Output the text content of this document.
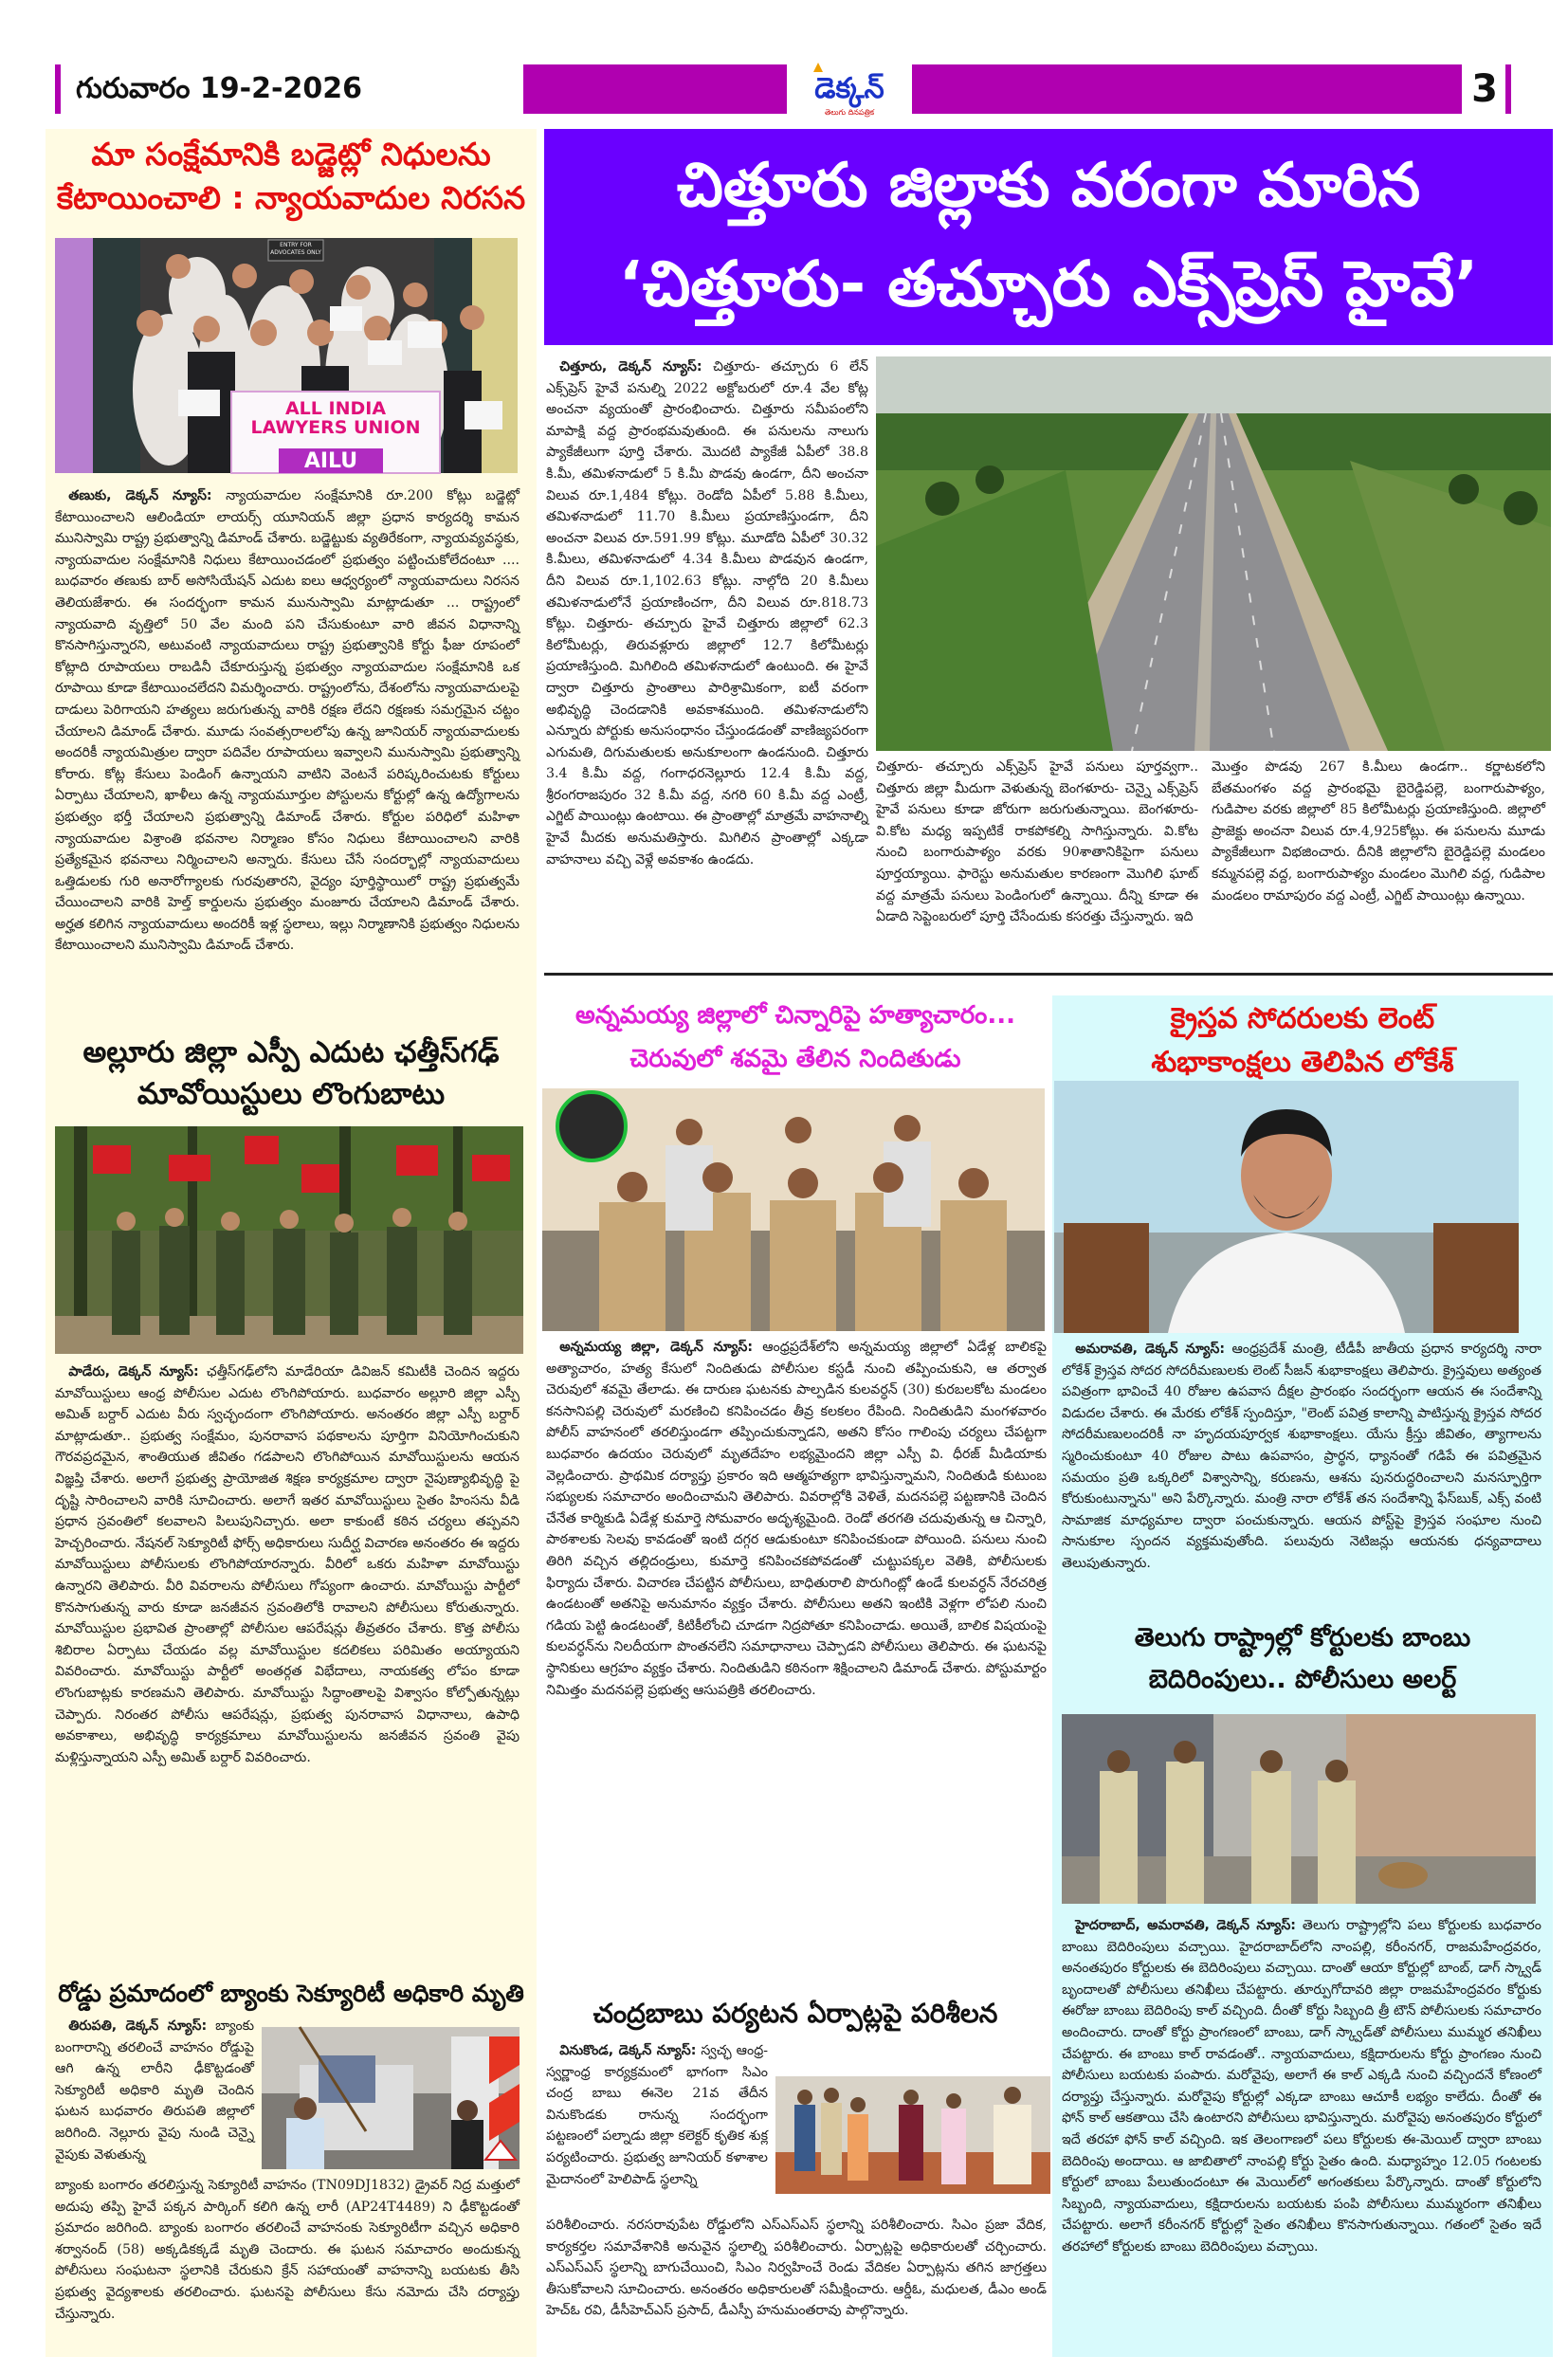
గురువారం 19-2-2026	డెక్కన్
తెలుగు దినపత్రిక
3
మా సంక్షేమానికి బడ్జెట్లో నిధులను
కేటాయించాలి : న్యాయవాదుల నిరసన
ENTRY FOR ADVOCATES ONLY
ALL INDIA
LAWYERS UNION
AILU
 తణుకు, డెక్కన్ న్యూస్: న్యాయవాదుల సంక్షేమానికి రూ.200 కోట్లు బడ్జెట్లో కేటాయించాలని ఆలిండియా లాయర్స్ యూనియన్ జిల్లా ప్రధాన కార్యదర్శి కామన మునిస్వామి రాష్ట్ర ప్రభుత్వాన్ని డిమాండ్ చేశారు. బడ్జెట్టుకు వ్యతిరేకంగా, న్యాయవ్యవస్థకు, న్యాయవాదుల సంక్షేమానికి నిధులు కేటాయించడంలో ప్రభుత్వం పట్టించుకోలేదంటూ .... బుధవారం తణుకు బార్ అసోసియేషన్ ఎదుట ఐలు ఆధ్వర్యంలో న్యాయవాదులు నిరసన తెలియజేశారు. ఈ సందర్భంగా కామన మునుస్వామి మాట్లాడుతూ ... రాష్ట్రంలో న్యాయవాది వృత్తిలో 50 వేల మంది పని చేసుకుంటూ వారి జీవన విధానాన్ని కొనసాగిస్తున్నారని, అటువంటి న్యాయవాదులు రాష్ట్ర ప్రభుత్వానికి కోర్టు ఫీజు రూపంలో కోట్లాది రూపాయలు రాబడినీ చేకూరుస్తున్న ప్రభుత్వం న్యాయవాదుల సంక్షేమానికి ఒక రూపాయి కూడా కేటాయించలేదని విమర్శించారు. రాష్ట్రంలోను, దేశంలోను న్యాయవాదులపై దాడులు పెరిగాయని హత్యలు జరుగుతున్న వారికి రక్షణ లేదని రక్షణకు సమగ్రమైన చట్టం చేయాలని డిమాండ్ చేశారు. మూడు సంవత్సరాలలోపు ఉన్న జూనియర్ న్యాయవాదులకు అందరికీ న్యాయమిత్రుల ద్వారా పదివేల రూపాయలు ఇవ్వాలని మునుస్వామి ప్రభుత్వాన్ని కోరారు. కోట్ల కేసులు పెండింగ్ ఉన్నాయని వాటిని వెంటనే పరిష్కరించుటకు కోర్టులు ఏర్పాటు చేయాలని, ఖాళీలు ఉన్న న్యాయమూర్తుల పోస్టులను కోర్టుల్లో ఉన్న ఉద్యోగాలను ప్రభుత్వం భర్తీ చేయాలని ప్రభుత్వాన్ని డిమాండ్ చేశారు. కోర్టుల పరిధిలో మహిళా న్యాయవాదుల విశ్రాంతి భవనాల నిర్మాణం కోసం నిధులు కేటాయించాలని వారికి ప్రత్యేకమైన భవనాలు నిర్మించాలని అన్నారు. కేసులు చేసే సందర్భాల్లో న్యాయవాదులు ఒత్తిడులకు గురి అనారోగ్యాలకు గురవుతారని, వైద్యం పూర్తిస్థాయిలో రాష్ట్ర ప్రభుత్వమే చేయించాలని వారికి హెల్త్ కార్డులను ప్రభుత్వం మంజూరు చేయాలని డిమాండ్ చేశారు. అర్హత కలిగిన న్యాయవాదులు అందరికీ ఇళ్ల స్థలాలు, ఇల్లు నిర్మాణానికి ప్రభుత్వం నిధులను కేటాయించాలని మునిస్వామి డిమాండ్ చేశారు.
అల్లూరు జిల్లా ఎస్పీ ఎదుట ఛత్తీస్‌గఢ్
మావోయిస్టులు లొంగుబాటు
 పాడేరు, డెక్కన్ న్యూస్: ఛత్తీస్‌గఢ్‌లోని మాడేరియా డివిజన్ కమిటీకి చెందిన ఇద్దరు మావోయిస్టులు ఆంధ్ర పోలీసుల ఎదుట లొంగిపోయారు. బుధవారం అల్లూరి జిల్లా ఎస్పీ అమిత్ బర్దార్ ఎదుట వీరు స్వచ్ఛందంగా లొంగిపోయారు. అనంతరం జిల్లా ఎస్పీ బర్దార్ మాట్లాడుతూ.. ప్రభుత్వ సంక్షేమం, పునరావాస పథకాలను పూర్తిగా వినియోగించుకుని గౌరవప్రదమైన, శాంతియుత జీవితం గడపాలని లొంగిపోయిన మావోయిస్టులను ఆయన విజ్ఞప్తి చేశారు. అలాగే ప్రభుత్వ ప్రాయోజిత శిక్షణ కార్యక్రమాల ద్వారా నైపుణ్యాభివృద్ధి పై దృష్టి సారించాలని వారికి సూచించారు. అలాగే ఇతర మావోయిస్టులు సైతం హింసను వీడి ప్రధాన స్రవంతిలో కలవాలని పిలుపునిచ్చారు. అలా కాకుంటే కఠిన చర్యలు తప్పవని హెచ్చరించారు. నేషనల్ సెక్యూరిటీ ఫోర్స్ అధికారులు సుదీర్ఘ విచారణ అనంతరం ఈ ఇద్దరు మావోయిస్టులు పోలీసులకు లొంగిపోయారన్నారు. వీరిలో ఒకరు మహిళా మావోయిస్టు ఉన్నారని తెలిపారు. వీరి వివరాలను పోలీసులు గోప్యంగా ఉంచారు. మావోయిస్టు పార్టీలో కొనసాగుతున్న వారు కూడా జనజీవన స్రవంతిలోకి రావాలని పోలీసులు కోరుతున్నారు. మావోయిస్టుల ప్రభావిత ప్రాంతాల్లో పోలీసుల ఆపరేషన్లు తీవ్రతరం చేశారు. కొత్త పోలీసు శిబిరాల ఏర్పాటు చేయడం వల్ల మావోయిస్టుల కదలికలు పరిమితం అయ్యాయని వివరించారు. మావోయిస్టు పార్టీలో అంతర్గత విభేదాలు, నాయకత్వ లోపం కూడా లొంగుబాట్లకు కారణమని తెలిపారు. మావోయిస్టు సిద్ధాంతాలపై విశ్వాసం కోల్పోతున్నట్లు చెప్పారు. నిరంతర పోలీసు ఆపరేషన్లు, ప్రభుత్వ పునరావాస విధానాలు, ఉపాధి అవకాశాలు, అభివృద్ధి కార్యక్రమాలు మావోయిస్టులను జనజీవన స్రవంతి వైపు మళ్లిస్తున్నాయని ఎస్పీ అమిత్ బర్దార్ వివరించారు.
రోడ్డు ప్రమాదంలో బ్యాంకు సెక్యూరిటీ అధికారి మృతి
 తిరుపతి, డెక్కన్ న్యూస్: బ్యాంకు బంగారాన్ని తరలించే వాహనం రోడ్డుపై ఆగి ఉన్న లారీని ఢీకొట్టడంతో సెక్యూరిటీ అధికారి మృతి చెందిన ఘటన బుధవారం తిరుపతి జిల్లాలో జరిగింది. నెల్లూరు వైపు నుండి చెన్నై వైపుకు వెళుతున్న
బ్యాంకు బంగారం తరలిస్తున్న సెక్యూరిటీ వాహనం (TN09DJ1832) డ్రైవర్ నిద్ర మత్తులో అదుపు తప్పి హైవే పక్కన పార్కింగ్ కలిగి ఉన్న లారీ (AP24T4489) ని ఢీకొట్టడంతో ప్రమాదం జరిగింది. బ్యాంకు బంగారం తరలించే వాహనంకు సెక్యూరిటీగా వచ్చిన అధికారి శర్వానంద్ (58) అక్కడికక్కడే మృతి చెందారు. ఈ ఘటన సమాచారం అందుకున్న పోలీసులు సంఘటనా స్థలానికి చేరుకుని క్రేన్ సహాయంతో వాహనాన్ని బయటకు తీసి ప్రభుత్వ వైద్యశాలకు తరలించారు. ఘటనపై పోలీసులు కేసు నమోదు చేసి దర్యాప్తు చేస్తున్నారు.
చిత్తూరు జిల్లాకు వరంగా మారిన
‘చిత్తూరు- తచ్చూరు ఎక్స్‌ప్రెస్ హైవే’
 చిత్తూరు, డెక్కన్ న్యూస్: చిత్తూరు- తచ్చూరు 6 లేన్ ఎక్స్‌ప్రెస్ హైవే పనుల్ని 2022 అక్టోబరులో రూ.4 వేల కోట్ల అంచనా వ్యయంతో ప్రారంభించారు. చిత్తూరు సమీపంలోని మాపాక్షి వద్ద ప్రారంభమవుతుంది. ఈ పనులను నాలుగు ప్యాకేజీలుగా పూర్తి చేశారు. మొదటి ప్యాకేజీ ఏపీలో 38.8 కి.మీ, తమిళనాడులో 5 కి.మీ పొడవు ఉండగా, దీని అంచనా విలువ రూ.1,484 కోట్లు. రెండోది ఏపీలో 5.88 కి.మీలు, తమిళనాడులో 11.70 కి.మీలు ప్రయాణిస్తుండగా, దీని అంచనా విలువ రూ.591.99 కోట్లు. మూడోది ఏపీలో 30.32 కి.మీలు, తమిళనాడులో 4.34 కి.మీలు పొడవున ఉండగా, దీని విలువ రూ.1,102.63 కోట్లు. నాల్గోది 20 కి.మీలు తమిళనాడులోనే ప్రయాణించగా, దీని విలువ రూ.818.73 కోట్లు. చిత్తూరు- తచ్చూరు హైవే చిత్తూరు జిల్లాలో 62.3 కిలోమీటర్లు, తిరువళ్లూరు జిల్లాలో 12.7 కిలోమీటర్లు ప్రయాణిస్తుంది. మిగిలింది తమిళనాడులో ఉంటుంది. ఈ హైవే ద్వారా చిత్తూరు ప్రాంతాలు పారిశ్రామికంగా, ఐటీ వరంగా అభివృద్ధి చెందడానికి అవకాశముంది. తమిళనాడులోని ఎన్నూరు పోర్టుకు అనుసంధానం చేస్తుండడంతో వాణిజ్యపరంగా ఎగుమతి, దిగుమతులకు అనుకూలంగా ఉండనుంది. చిత్తూరు 3.4 కి.మీ వద్ద, గంగాధరనెల్లూరు 12.4 కి.మీ వద్ద, శ్రీరంగరాజపురం 32 కి.మీ వద్ద, నగరి 60 కి.మీ వద్ద ఎంట్రీ, ఎగ్జిట్ పాయింట్లు ఉంటాయి. ఈ ప్రాంతాల్లో మాత్రమే వాహనాల్ని హైవే మీదకు అనుమతిస్తారు. మిగిలిన ప్రాంతాల్లో ఎక్కడా వాహనాలు వచ్చి వెళ్లే అవకాశం ఉండదు.
చిత్తూరు- తచ్చూరు ఎక్స్‌ప్రెస్ హైవే పనులు పూర్తవ్వగా.. చిత్తూరు జిల్లా మీదుగా వెళుతున్న బెంగళూరు- చెన్నై ఎక్స్‌ప్రెస్ హైవే పనులు కూడా జోరుగా జరుగుతున్నాయి. బెంగళూరు- వి.కోట మధ్య ఇప్పటికే రాకపోకల్ని సాగిస్తున్నారు. వి.కోట నుంచి బంగారుపాళ్యం వరకు 90శాతానికిపైగా పనులు పూర్తయ్యాయి. ఫారెస్టు అనుమతుల కారణంగా మొగిలి ఘాట్ వద్ద మాత్రమే పనులు పెండింగులో ఉన్నాయి. దీన్ని కూడా ఈ ఏడాది సెప్టెంబరులో పూర్తి చేసేందుకు కసరత్తు చేస్తున్నారు. ఇది
మొత్తం పొడవు 267 కి.మీలు ఉండగా.. కర్ణాటకలోని బేతమంగళం వద్ద ప్రారంభమై బైరెడ్డిపల్లె, బంగారుపాళ్యం, గుడిపాల వరకు జిల్లాలో 85 కిలోమీటర్లు ప్రయాణిస్తుంది. జిల్లాలో ప్రాజెక్టు అంచనా విలువ రూ.4,925కోట్లు. ఈ పనులను మూడు ప్యాకేజీలుగా విభజించారు. దీనికి జిల్లాలోని బైరెడ్డిపల్లె మండలం కమ్మనపల్లె వద్ద, బంగారుపాళ్యం మండలం మొగిలి వద్ద, గుడిపాల మండలం రామాపురం వద్ద ఎంట్రీ, ఎగ్జిట్ పాయింట్లు ఉన్నాయి.
అన్నమయ్య జిల్లాలో చిన్నారిపై హత్యాచారం...
చెరువులో శవమై తేలిన నిందితుడు
 అన్నమయ్య జిల్లా, డెక్కన్ న్యూస్: ఆంధ్రప్రదేశ్‌లోని అన్నమయ్య జిల్లాలో ఏడేళ్ల బాలికపై అత్యాచారం, హత్య కేసులో నిందితుడు పోలీసుల కస్టడీ నుంచి తప్పించుకుని, ఆ తర్వాత చెరువులో శవమై తేలాడు. ఈ దారుణ ఘటనకు పాల్పడిన కులవర్ధన్ (30) కురబలకోట మండలం కనసానిపల్లి చెరువులో మరణించి కనిపించడం తీవ్ర కలకలం రేపింది. నిందితుడిని మంగళవారం పోలీస్ వాహనంలో తరలిస్తుండగా తప్పించుకున్నాడని, అతని కోసం గాలింపు చర్యలు చేపట్టగా బుధవారం ఉదయం చెరువులో మృతదేహం లభ్యమైందని జిల్లా ఎస్పీ వి. ధీరజ్ మీడియాకు వెల్లడించారు. ప్రాథమిక దర్యాప్తు ప్రకారం ఇది ఆత్మహత్యగా భావిస్తున్నామని, నిందితుడి కుటుంబ సభ్యులకు సమాచారం అందించామని తెలిపారు. వివరాల్లోకి వెళితే, మదనపల్లె పట్టణానికి చెందిన చేనేత కార్మికుడి ఏడేళ్ల కుమార్తె సోమవారం అదృశ్యమైంది. రెండో తరగతి చదువుతున్న ఆ చిన్నారి, పాఠశాలకు సెలవు కావడంతో ఇంటి దగ్గర ఆడుకుంటూ కనిపించకుండా పోయింది. పనులు నుంచి తిరిగి వచ్చిన తల్లిదండ్రులు, కుమార్తె కనిపించకపోవడంతో చుట్టుపక్కల వెతికి, పోలీసులకు ఫిర్యాదు చేశారు. విచారణ చేపట్టిన పోలీసులు, బాధితురాలి పొరుగింట్లో ఉండే కులవర్ధన్‌ నేరచరిత్ర ఉండటంతో అతనిపై అనుమానం వ్యక్తం చేశారు. పోలీసులు అతని ఇంటికి వెళ్లగా లోపలి నుంచి గడియ పెట్టి ఉండటంతో, కిటికీలోంచి చూడగా నిద్రపోతూ కనిపించాడు. అయితే, బాలిక విషయంపై కులవర్ధన్‌ను నిలదీయగా పొంతనలేని సమాధానాలు చెప్పాడని పోలీసులు తెలిపారు. ఈ ఘటనపై స్థానికులు ఆగ్రహం వ్యక్తం చేశారు. నిందితుడిని కఠినంగా శిక్షించాలని డిమాండ్ చేశారు. పోస్టుమార్టం నిమిత్తం మదనపల్లె ప్రభుత్వ ఆసుపత్రికి తరలించారు.
చంద్రబాబు పర్యటన ఏర్పాట్లపై పరిశీలన
 వినుకొండ, డెక్కన్ న్యూస్: స్వచ్ఛ ఆంధ్ర- స్వర్ణాంధ్ర కార్యక్రమంలో భాగంగా సిఎం చంద్ర బాబు ఈనెల 21వ తేదీన వినుకొండకు రానున్న సందర్భంగా పట్టణంలో పల్నాడు జిల్లా కలెక్టర్ కృతిక శుక్ల పర్యటించారు. ప్రభుత్వ జూనియర్ కళాశాల మైదానంలో హెలిపాడ్ స్థలాన్ని
పరిశీలించారు. నరసరావుపేట రోడ్డులోని ఎస్ఎస్ఎస్ స్థలాన్ని పరిశీలించారు. సిఎం ప్రజా వేదిక, కార్యకర్తల సమావేశానికి అనువైన స్థలాల్ని పరిశీలించారు. ఏర్పాట్లపై అధికారులతో చర్చించారు. ఎస్ఎస్ఎస్ స్థలాన్ని బాగుచేయించి, సిఎం నిర్వహించే రెండు వేదికల ఏర్పాట్లను తగిన జాగ్రత్తలు తీసుకోవాలని సూచించారు. అనంతరం అధికారులతో సమీక్షించారు. ఆర్డీఓ, మధులత, డీఎం అండ్ హెచ్ఓ రవి, డీసీహెచ్‌ఎస్ ప్రసాద్, డీఎస్పీ హనుమంతరావు పాల్గొన్నారు.
క్రైస్తవ సోదరులకు లెంట్
శుభాకాంక్షలు తెలిపిన లోకేశ్
 అమరావతి, డెక్కన్ న్యూస్: ఆంధ్రప్రదేశ్ మంత్రి, టీడీపీ జాతీయ ప్రధాన కార్యదర్శి నారా లోకేశ్ క్రైస్తవ సోదర సోదరీమణులకు లెంట్ సీజన్ శుభాకాంక్షలు తెలిపారు. క్రైస్తవులు అత్యంత పవిత్రంగా భావించే 40 రోజుల ఉపవాస దీక్షల ప్రారంభం సందర్భంగా ఆయన ఈ సందేశాన్ని విడుదల చేశారు. ఈ మేరకు లోకేశ్ స్పందిస్తూ, "లెంట్ పవిత్ర కాలాన్ని పాటిస్తున్న క్రైస్తవ సోదర సోదరీమణులందరికీ నా హృదయపూర్వక శుభాకాంక్షలు. యేసు క్రీస్తు జీవితం, త్యాగాలను స్మరించుకుంటూ 40 రోజుల పాటు ఉపవాసం, ప్రార్థన, ధ్యానంతో గడిపే ఈ పవిత్రమైన సమయం ప్రతి ఒక్కరిలో విశ్వాసాన్ని, కరుణను, ఆశను పునరుద్ధరించాలని మనస్ఫూర్తిగా కోరుకుంటున్నాను" అని పేర్కొన్నారు. మంత్రి నారా లోకేశ్ తన సందేశాన్ని ఫేస్‌బుక్, ఎక్స్ వంటి సామాజిక మాధ్యమాల ద్వారా పంచుకున్నారు. ఆయన పోస్ట్‌పై క్రైస్తవ సంఘాల నుంచి సానుకూల స్పందన వ్యక్తమవుతోంది. పలువురు నెటిజన్లు ఆయనకు ధన్యవాదాలు తెలుపుతున్నారు.
తెలుగు రాష్ట్రాల్లో కోర్టులకు బాంబు
బెదిరింపులు.. పోలీసులు అలర్ట్
 హైదరాబాద్, అమరావతి, డెక్కన్ న్యూస్: తెలుగు రాష్ట్రాల్లోని పలు కోర్టులకు బుధవారం బాంబు బెదిరింపులు వచ్చాయి. హైదరాబాద్‌లోని నాంపల్లి, కరీంనగర్, రాజమహేంద్రవరం, అనంతపురం కోర్టులకు ఈ బెదిరింపులు వచ్చాయి. దాంతో ఆయా కోర్టుల్లో బాంబ్, డాగ్ స్క్వాడ్ బృందాలతో పోలీసులు తనిఖీలు చేపట్టారు. తూర్పుగోదావరి జిల్లా రాజమహేంద్రవరం కోర్టుకు ఈరోజు బాంబు బెదిరింపు కాల్ వచ్చింది. దీంతో కోర్టు సిబ్బంది త్రీ టౌన్ పోలీసులకు సమాచారం అందించారు. దాంతో కోర్టు ప్రాంగణంలో బాంబు, డాగ్ స్క్వాడ్‌తో పోలీసులు ముమ్మర తనిఖీలు చేపట్టారు. ఈ బాంబు కాల్ రావడంతో.. న్యాయవాదులు, కక్షిదారులను కోర్టు ప్రాంగణం నుంచి పోలీసులు బయటకు పంపారు. మరోవైపు, అలాగే ఈ కాల్ ఎక్కడి నుంచి వచ్చిందనే కోణంలో దర్యాప్తు చేస్తున్నారు. మరోవైపు కోర్టుల్లో ఎక్కడా బాంబు ఆచూకీ లభ్యం కాలేదు. దీంతో ఈ ఫోన్ కాల్ ఆకతాయి చేసి ఉంటారని పోలీసులు భావిస్తున్నారు. మరోవైపు అనంతపురం కోర్టులో ఇదే తరహా ఫోన్ కాల్ వచ్చింది. ఇక తెలంగాణలో పలు కోర్టులకు ఈ-మెయిల్ ద్వారా బాంబు బెదిరింపు అందాయి. ఆ జాబితాలో నాంపల్లి కోర్టు సైతం ఉంది. మధ్యాహ్నం 12.05 గంటలకు కోర్టులో బాంబు పేలుతుందంటూ ఈ మెయిల్‌లో అగంతకులు పేర్కొన్నారు. దాంతో కోర్టులోని సిబ్బంది, న్యాయవాదులు, కక్షిదారులను బయటకు పంపి పోలీసులు ముమ్మరంగా తనిఖీలు చేపట్టారు. అలాగే కరీంనగర్ కోర్టుల్లో సైతం తనిఖీలు కొనసాగుతున్నాయి. గతంలో సైతం ఇదే తరహాలో కోర్టులకు బాంబు బెదిరింపులు వచ్చాయి.
